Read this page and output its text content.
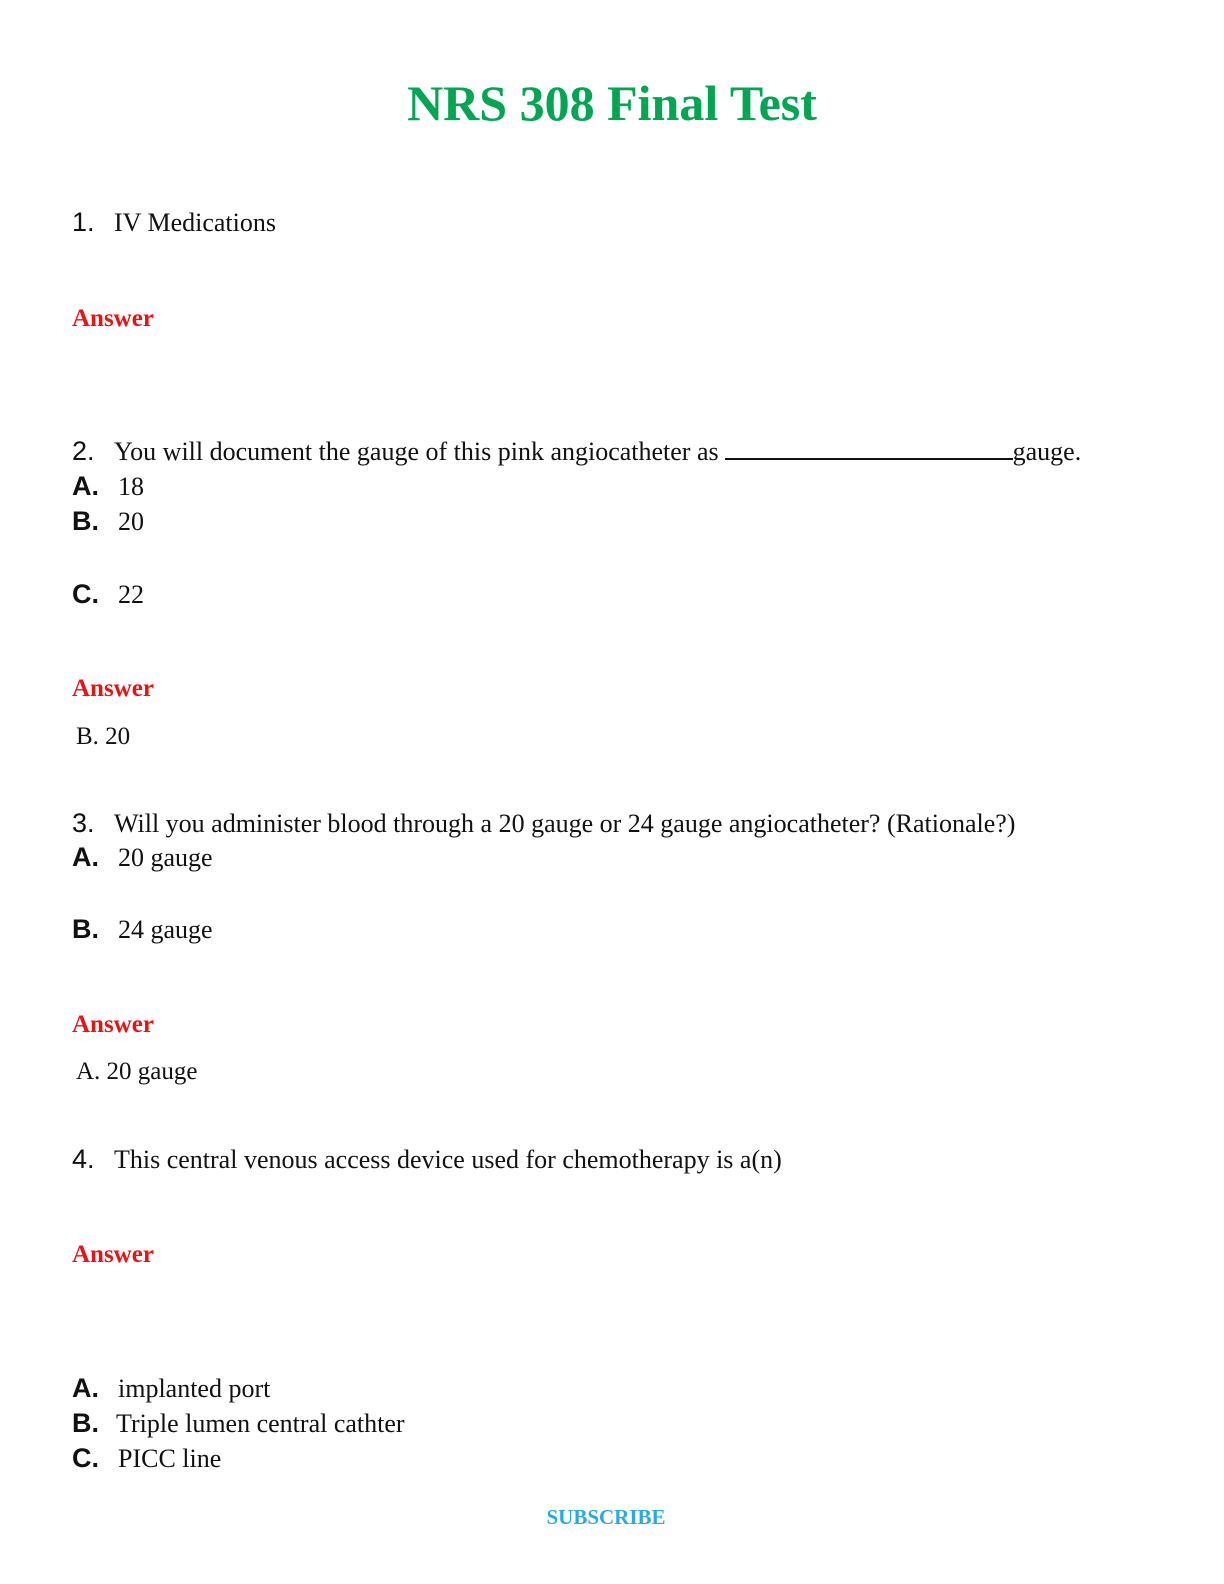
NRS 308 Final Test
1. IV Medications
Answer
2. You will document the gauge of this pink angiocatheter as	gauge.
A. 18
B. 20
C. 22
Answer
B. 20
3. Will you administer blood through a 20 gauge or 24 gauge angiocatheter? (Rationale?)
A. 20 gauge
B. 24 gauge
Answer
A. 20 gauge
4. This central venous access device used for chemotherapy is a(n)
Answer
A. implanted port
B. Triple lumen central cathter
C. PICC line
SUBSCRIBE
